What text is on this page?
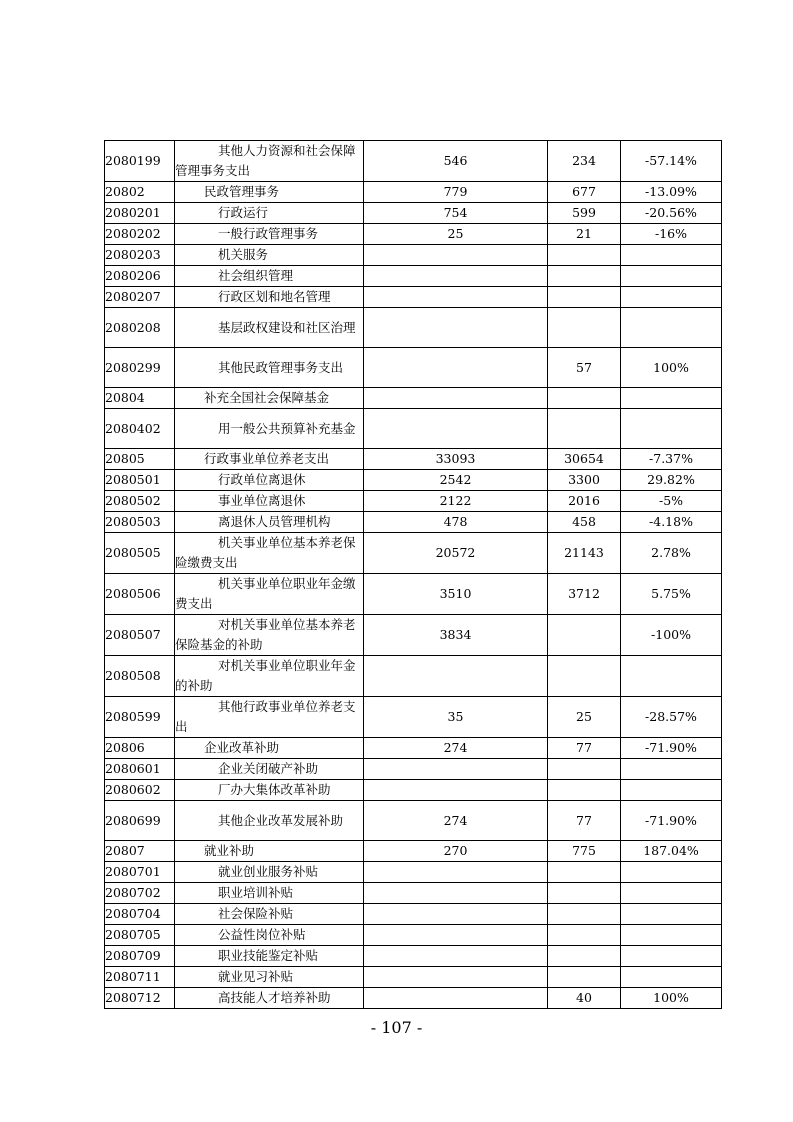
2080199	其他人力资源和社会保障管理事务支出	546	234	-57.14%
20802	民政管理事务	779	677	-13.09%
2080201	行政运行	754	599	-20.56%
2080202	一般行政管理事务	25	21	-16%
2080203	机关服务			
2080206	社会组织管理			
2080207	行政区划和地名管理			
2080208	基层政权建设和社区治理			
2080299	其他民政管理事务支出		57	100%
20804	补充全国社会保障基金			
2080402	用一般公共预算补充基金			
20805	行政事业单位养老支出	33093	30654	-7.37%
2080501	行政单位离退休	2542	3300	29.82%
2080502	事业单位离退休	2122	2016	-5%
2080503	离退休人员管理机构	478	458	-4.18%
2080505	机关事业单位基本养老保险缴费支出	20572	21143	2.78%
2080506	机关事业单位职业年金缴费支出	3510	3712	5.75%
2080507	对机关事业单位基本养老保险基金的补助	3834		-100%
2080508	对机关事业单位职业年金的补助			
2080599	其他行政事业单位养老支出	35	25	-28.57%
20806	企业改革补助	274	77	-71.90%
2080601	企业关闭破产补助			
2080602	厂办大集体改革补助			
2080699	其他企业改革发展补助	274	77	-71.90%
20807	就业补助	270	775	187.04%
2080701	就业创业服务补贴			
2080702	职业培训补贴			
2080704	社会保险补贴			
2080705	公益性岗位补贴			
2080709	职业技能鉴定补贴			
2080711	就业见习补贴			
2080712	高技能人才培养补助		40	100%
- 107 -
